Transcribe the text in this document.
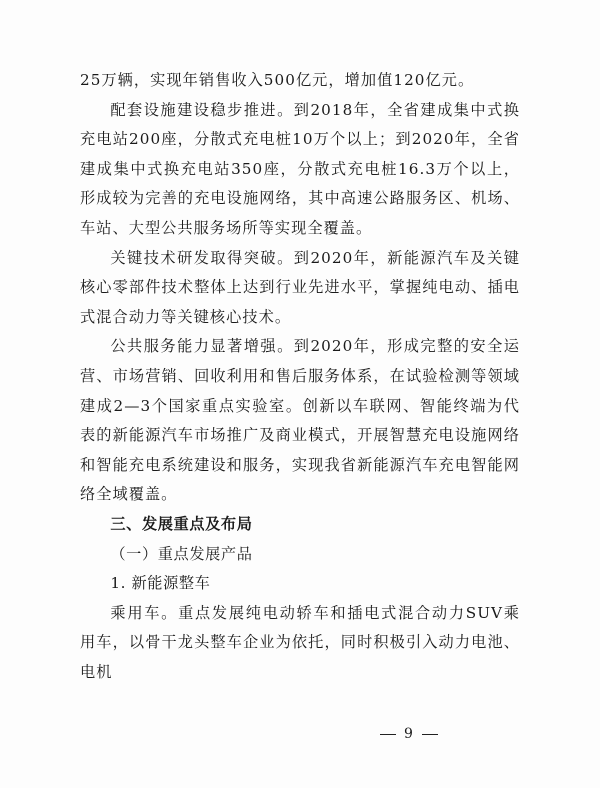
25万辆，实现年销售收入500亿元，增加值120亿元。

配套设施建设稳步推进。到2018年，全省建成集中式换充电站200座，分散式充电桩10万个以上；到2020年，全省建成集中式换充电站350座，分散式充电桩16.3万个以上，形成较为完善的充电设施网络，其中高速公路服务区、机场、车站、大型公共服务场所等实现全覆盖。

关键技术研发取得突破。到2020年，新能源汽车及关键核心零部件技术整体上达到行业先进水平，掌握纯电动、插电式混合动力等关键核心技术。

公共服务能力显著增强。到2020年，形成完整的安全运营、市场营销、回收利用和售后服务体系，在试验检测等领域建成2—3个国家重点实验室。创新以车联网、智能终端为代表的新能源汽车市场推广及商业模式，开展智慧充电设施网络和智能充电系统建设和服务，实现我省新能源汽车充电智能网络全域覆盖。

三、发展重点及布局

（一）重点发展产品

1. 新能源整车

乘用车。重点发展纯电动轿车和插电式混合动力SUV乘用车，以骨干龙头整车企业为依托，同时积极引入动力电池、电机

9
